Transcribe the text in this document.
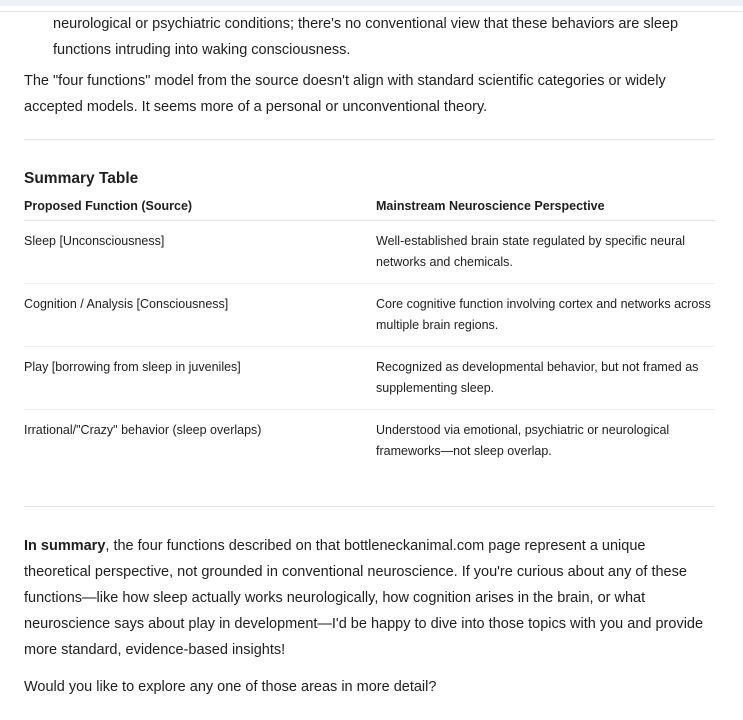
neurological or psychiatric conditions; there's no conventional view that these behaviors are sleep
functions intruding into waking consciousness.

The "four functions" model from the source doesn't align with standard scientific categories or widely
accepted models. It seems more of a personal or unconventional theory.

Summary Table
Proposed Function (Source)	Mainstream Neuroscience Perspective
Sleep [Unconsciousness]	Well-established brain state regulated by specific neural networks and chemicals.
Cognition / Analysis [Consciousness]	Core cognitive function involving cortex and networks across multiple brain regions.
Play [borrowing from sleep in juveniles]	Recognized as developmental behavior, but not framed as supplementing sleep.
Irrational/"Crazy" behavior (sleep overlaps)	Understood via emotional, psychiatric or neurological frameworks—not sleep overlap.

In summary, the four functions described on that bottleneckanimal.com page represent a unique theoretical perspective, not grounded in conventional neuroscience. If you're curious about any of these functions—like how sleep actually works neurologically, how cognition arises in the brain, or what neuroscience says about play in development—I'd be happy to dive into those topics with you and provide more standard, evidence-based insights!

Would you like to explore any one of those areas in more detail?
